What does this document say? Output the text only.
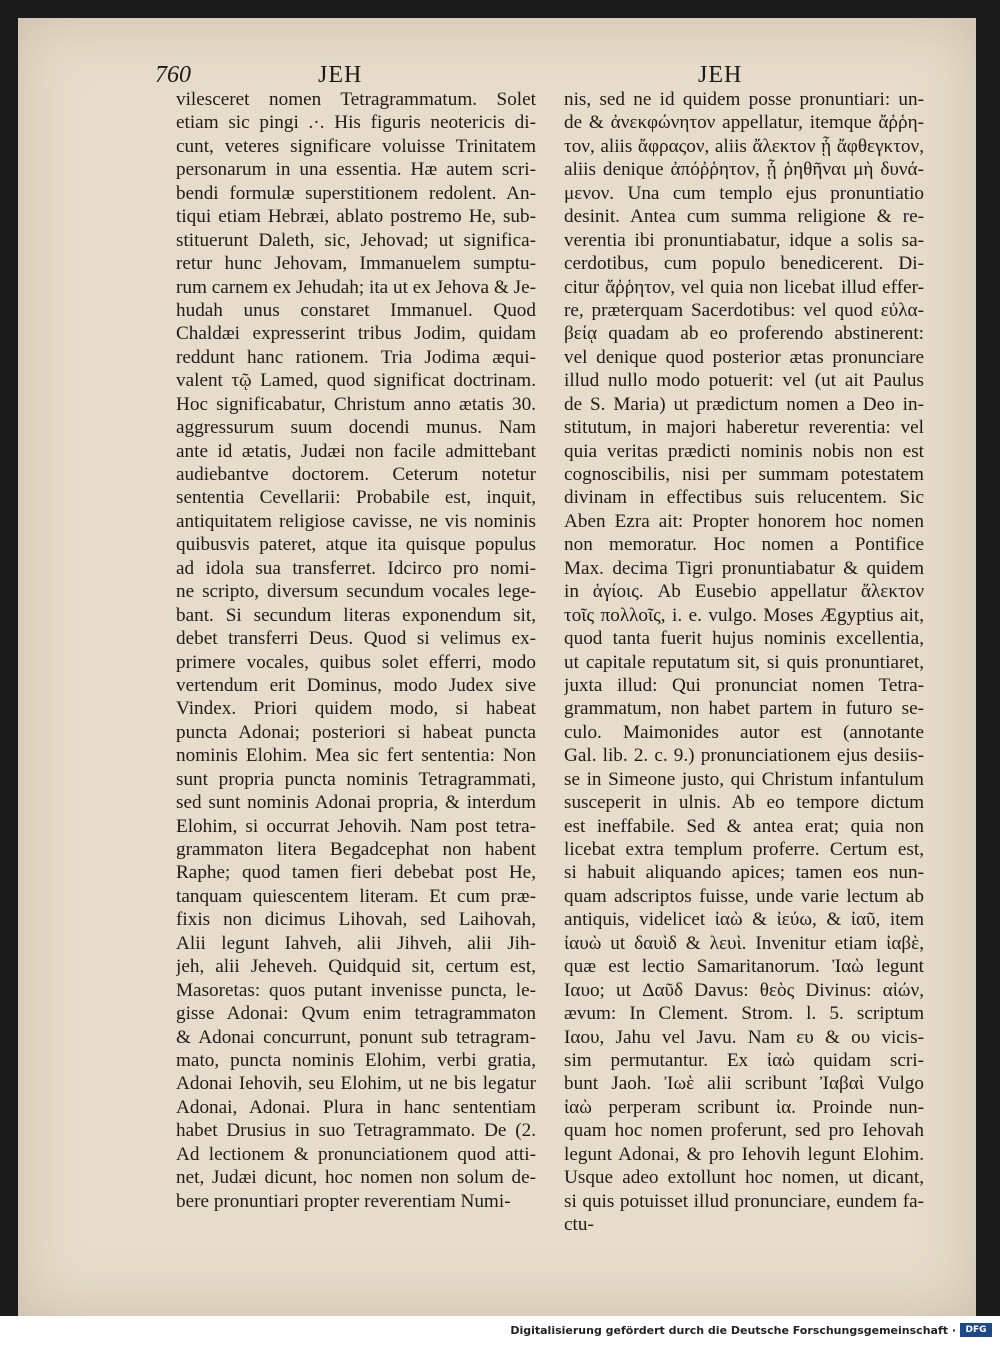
760	JEH	JEH
vilesceret nomen Tetragrammatum. Solet
etiam sic pingi .·. His figuris neotericis di-
cunt, veteres significare voluisse Trinitatem
personarum in una essentia. Hæ autem scri-
bendi formulæ superstitionem redolent. An-
tiqui etiam Hebræi, ablato postremo He, sub-
stituerunt Daleth, sic, Jehovad; ut significa-
retur hunc Jehovam, Immanuelem sumptu-
rum carnem ex Jehudah; ita ut ex Jehova & Je-
hudah unus constaret Immanuel. Quod
Chaldæi expresserint tribus Jodim, quidam
reddunt hanc rationem. Tria Jodima æqui-
valent τῷ Lamed, quod significat doctrinam.
Hoc significabatur, Christum anno ætatis 30.
aggressurum suum docendi munus. Nam
ante id ætatis, Judæi non facile admittebant
audiebantve doctorem. Ceterum notetur
sententia Cevellarii: Probabile est, inquit,
antiquitatem religiose cavisse, ne vis nominis
quibusvis pateret, atque ita quisque populus
ad idola sua transferret. Idcirco pro nomi-
ne scripto, diversum secundum vocales lege-
bant. Si secundum literas exponendum sit,
debet transferri Deus. Quod si velimus ex-
primere vocales, quibus solet efferri, modo
vertendum erit Dominus, modo Judex sive
Vindex. Priori quidem modo, si habeat
puncta Adonai; posteriori si habeat puncta
nominis Elohim. Mea sic fert sententia: Non
sunt propria puncta nominis Tetragrammati,
sed sunt nominis Adonai propria, & interdum
Elohim, si occurrat Jehovih. Nam post tetra-
grammaton litera Begadcephat non habent
Raphe; quod tamen fieri debebat post He,
tanquam quiescentem literam. Et cum præ-
fixis non dicimus Lihovah, sed Laihovah,
Alii legunt Iahveh, alii Jihveh, alii Jih-
jeh, alii Jeheveh. Quidquid sit, certum est,
Masoretas: quos putant invenisse puncta, le-
gisse Adonai: Qvum enim tetragrammaton
& Adonai concurrunt, ponunt sub tetragram-
mato, puncta nominis Elohim, verbi gratia,
Adonai Iehovih, seu Elohim, ut ne bis legatur
Adonai, Adonai. Plura in hanc sententiam
habet Drusius in suo Tetragrammato. De (2.
Ad lectionem & pronunciationem quod atti-
net, Judæi dicunt, hoc nomen non solum de-
bere pronuntiari propter reverentiam Numi-
nis, sed ne id quidem posse pronuntiari: un-
de & ἀνεκφώνητον appellatur, itemque ἄῤῥη-
τον, aliis ἄφραςον, aliis ἄλεκτον ᾗ ἄφθεγκτον,
aliis denique ἀπόῤῥητον, ᾗ ῥηθῆναι μὴ δυνά-
μενον. Una cum templo ejus pronuntiatio
desinit. Antea cum summa religione & re-
verentia ibi pronuntiabatur, idque a solis sa-
cerdotibus, cum populo benedicerent. Di-
citur ἄῤῥητον, vel quia non licebat illud effer-
re, præterquam Sacerdotibus: vel quod εὐλα-
βείᾳ quadam ab eo proferendo abstinerent:
vel denique quod posterior ætas pronunciare
illud nullo modo potuerit: vel (ut ait Paulus
de S. Maria) ut prædictum nomen a Deo in-
stitutum, in majori haberetur reverentia: vel
quia veritas prædicti nominis nobis non est
cognoscibilis, nisi per summam potestatem
divinam in effectibus suis relucentem. Sic
Aben Ezra ait: Propter honorem hoc nomen
non memoratur. Hoc nomen a Pontifice
Max. decima Tigri pronuntiabatur & quidem
in ἁγίοις. Ab Eusebio appellatur ἄλεκτον
τοῖς πολλοῖς, i. e. vulgo. Moses Ægyptius ait,
quod tanta fuerit hujus nominis excellentia,
ut capitale reputatum sit, si quis pronuntiaret,
juxta illud: Qui pronunciat nomen Tetra-
grammatum, non habet partem in futuro se-
culo. Maimonides autor est (annotante
Gal. lib. 2. c. 9.) pronunciationem ejus desiis-
se in Simeone justo, qui Christum infantulum
susceperit in ulnis. Ab eo tempore dictum
est ineffabile. Sed & antea erat; quia non
licebat extra templum proferre. Certum est,
si habuit aliquando apices; tamen eos nun-
quam adscriptos fuisse, unde varie lectum ab
antiquis, videlicet ἰαὼ & ἰεύω, & ἰαῦ, item
ἰαυὼ ut δαυὶδ & λευὶ. Invenitur etiam ἰαβὲ,
quæ est lectio Samaritanorum. Ἰαὼ legunt
Ιαυο; ut Δαῦδ Davus: θεὸς Divinus: αἰών,
ævum: In Clement. Strom. l. 5. scriptum
Ιαου, Jahu vel Javu. Nam ευ & ου vicis-
sim permutantur. Ex ἰαὼ quidam scri-
bunt Jaoh. Ἰωὲ alii scribunt Ἰαβαὶ Vulgo
ἰαὼ perperam scribunt ἰα. Proinde nun-
quam hoc nomen proferunt, sed pro Iehovah
legunt Adonai, & pro Iehovih legunt Elohim.
Usque adeo extollunt hoc nomen, ut dicant,
si quis potuisset illud pronunciare, eundem fa-
ctu-
Digitalisierung gefördert durch die Deutsche Forschungsgemeinschaft ·	DFG
